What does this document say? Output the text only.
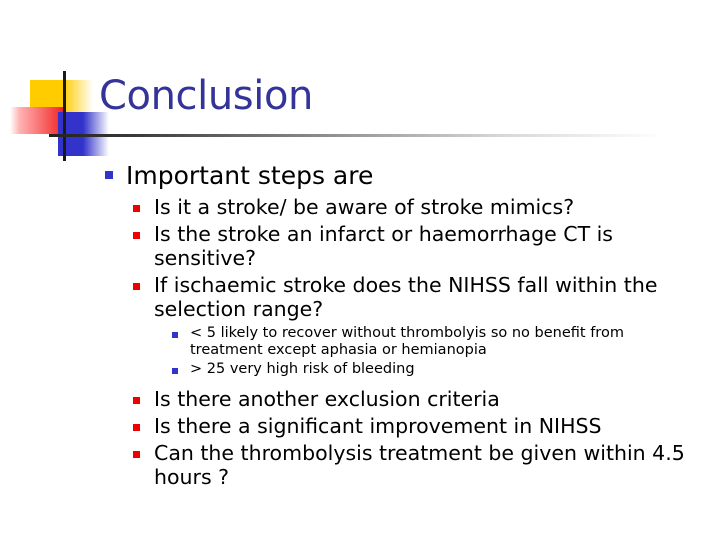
Conclusion
Important steps are
Is it a stroke/ be aware of stroke mimics?
Is the stroke an infarct or haemorrhage CT is sensitive?
If ischaemic stroke does the NIHSS fall within the selection range?
< 5 likely to recover without thrombolyis so no benefit from treatment except aphasia or hemianopia
> 25 very high risk of bleeding
Is there another exclusion criteria
Is there a significant improvement in NIHSS
Can the thrombolysis treatment be given within 4.5 hours ?
